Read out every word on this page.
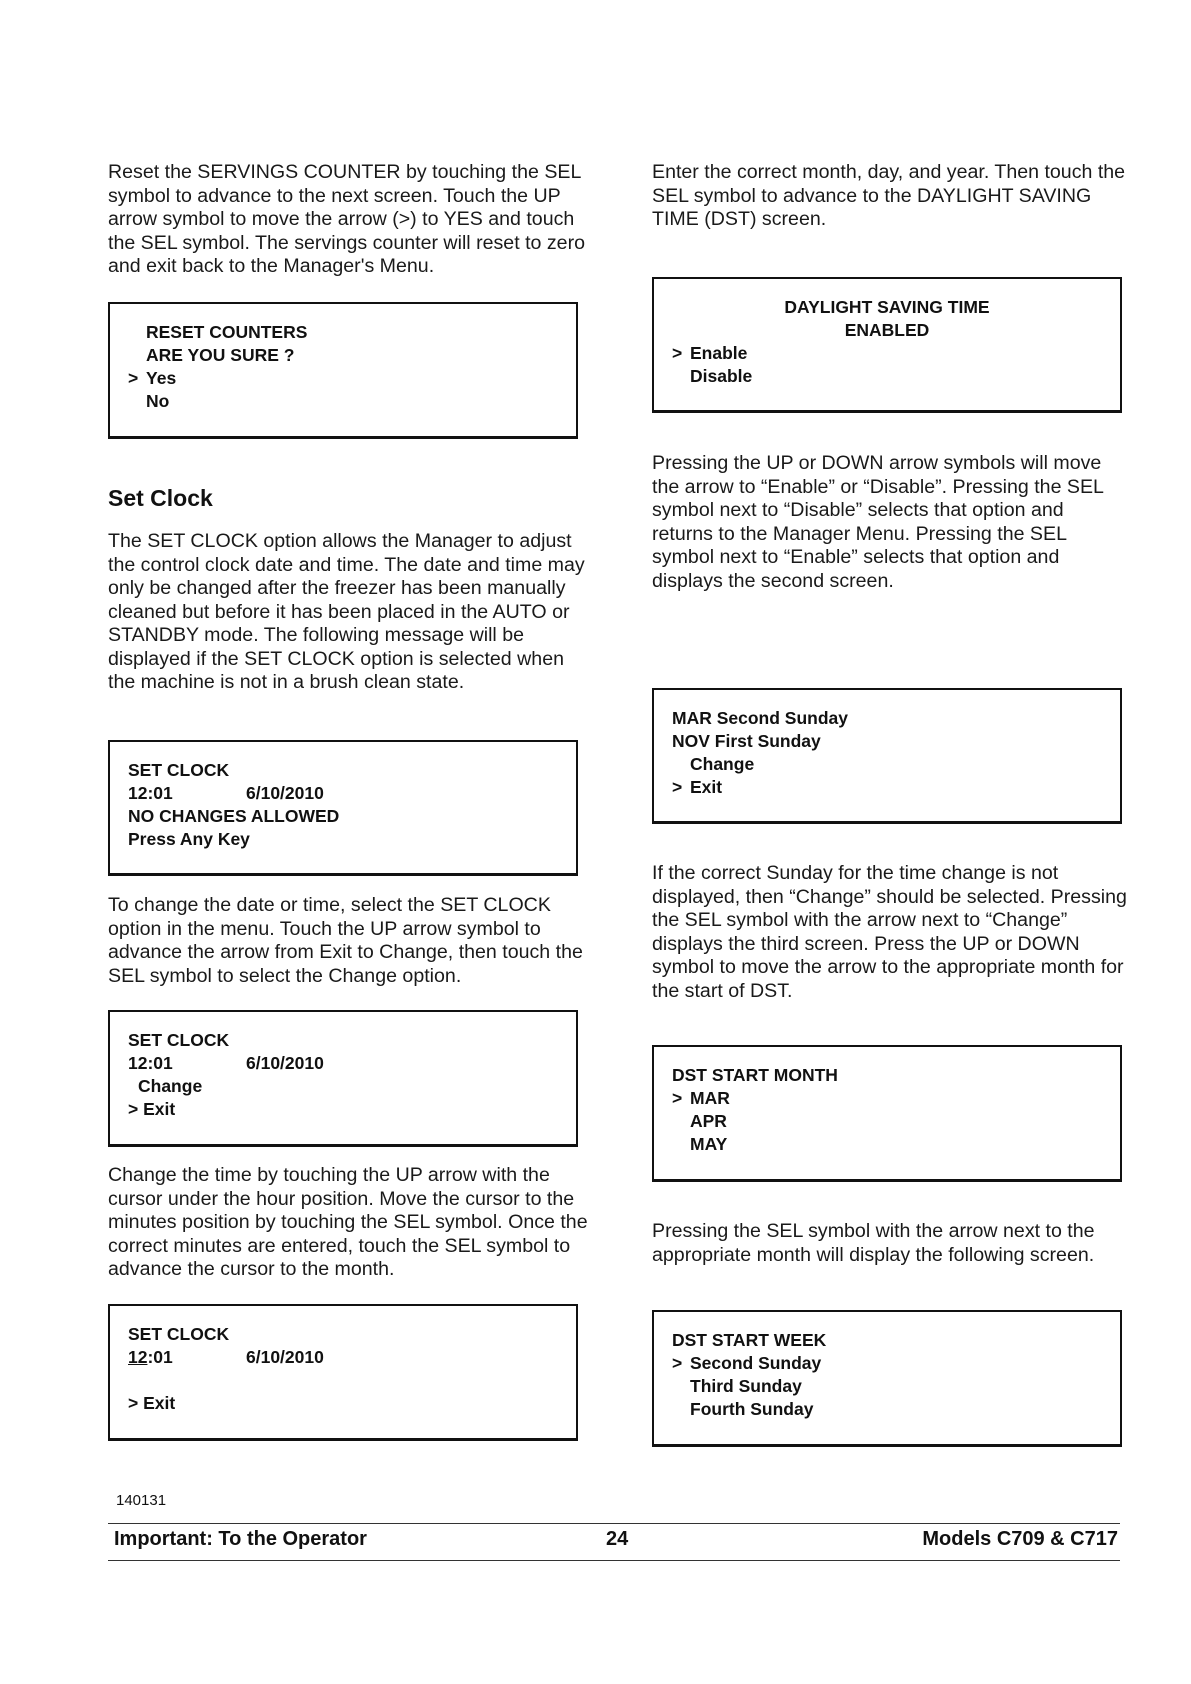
Reset the SERVINGS COUNTER by touching the SEL symbol to advance to the next screen. Touch the UP arrow symbol to move the arrow (>) to YES and touch the SEL symbol. The servings counter will reset to zero and exit back to the Manager's Menu.

RESET COUNTERS
ARE YOU SURE ?
> Yes
No
Set Clock

The SET CLOCK option allows the Manager to adjust the control clock date and time. The date and time may only be changed after the freezer has been manually cleaned but before it has been placed in the AUTO or STANDBY mode. The following message will be displayed if the SET CLOCK option is selected when the machine is not in a brush clean state.

SET CLOCK
12:01	6/10/2010
NO CHANGES ALLOWED
Press Any Key

To change the date or time, select the SET CLOCK option in the menu. Touch the UP arrow symbol to advance the arrow from Exit to Change, then touch the SEL symbol to select the Change option.

SET CLOCK
12:01	6/10/2010
Change
> Exit

Change the time by touching the UP arrow with the cursor under the hour position. Move the cursor to the minutes position by touching the SEL symbol. Once the correct minutes are entered, touch the SEL symbol to advance the cursor to the month.

SET CLOCK
12:01	6/10/2010
> Exit

Enter the correct month, day, and year. Then touch the SEL symbol to advance to the DAYLIGHT SAVING TIME (DST) screen.

DAYLIGHT SAVING TIME
ENABLED
> Enable
Disable

Pressing the UP or DOWN arrow symbols will move the arrow to “Enable” or “Disable”. Pressing the SEL symbol next to “Disable” selects that option and returns to the Manager Menu. Pressing the SEL symbol next to “Enable” selects that option and displays the second screen.

MAR Second Sunday
NOV First Sunday
Change
> Exit

If the correct Sunday for the time change is not displayed, then “Change” should be selected. Pressing the SEL symbol with the arrow next to “Change” displays the third screen. Press the UP or DOWN symbol to move the arrow to the appropriate month for the start of DST.

DST START MONTH
> MAR
APR
MAY

Pressing the SEL symbol with the arrow next to the appropriate month will display the following screen.

DST START WEEK
> Second Sunday
Third Sunday
Fourth Sunday
140131
Important: To the Operator	24	Models C709 & C717
